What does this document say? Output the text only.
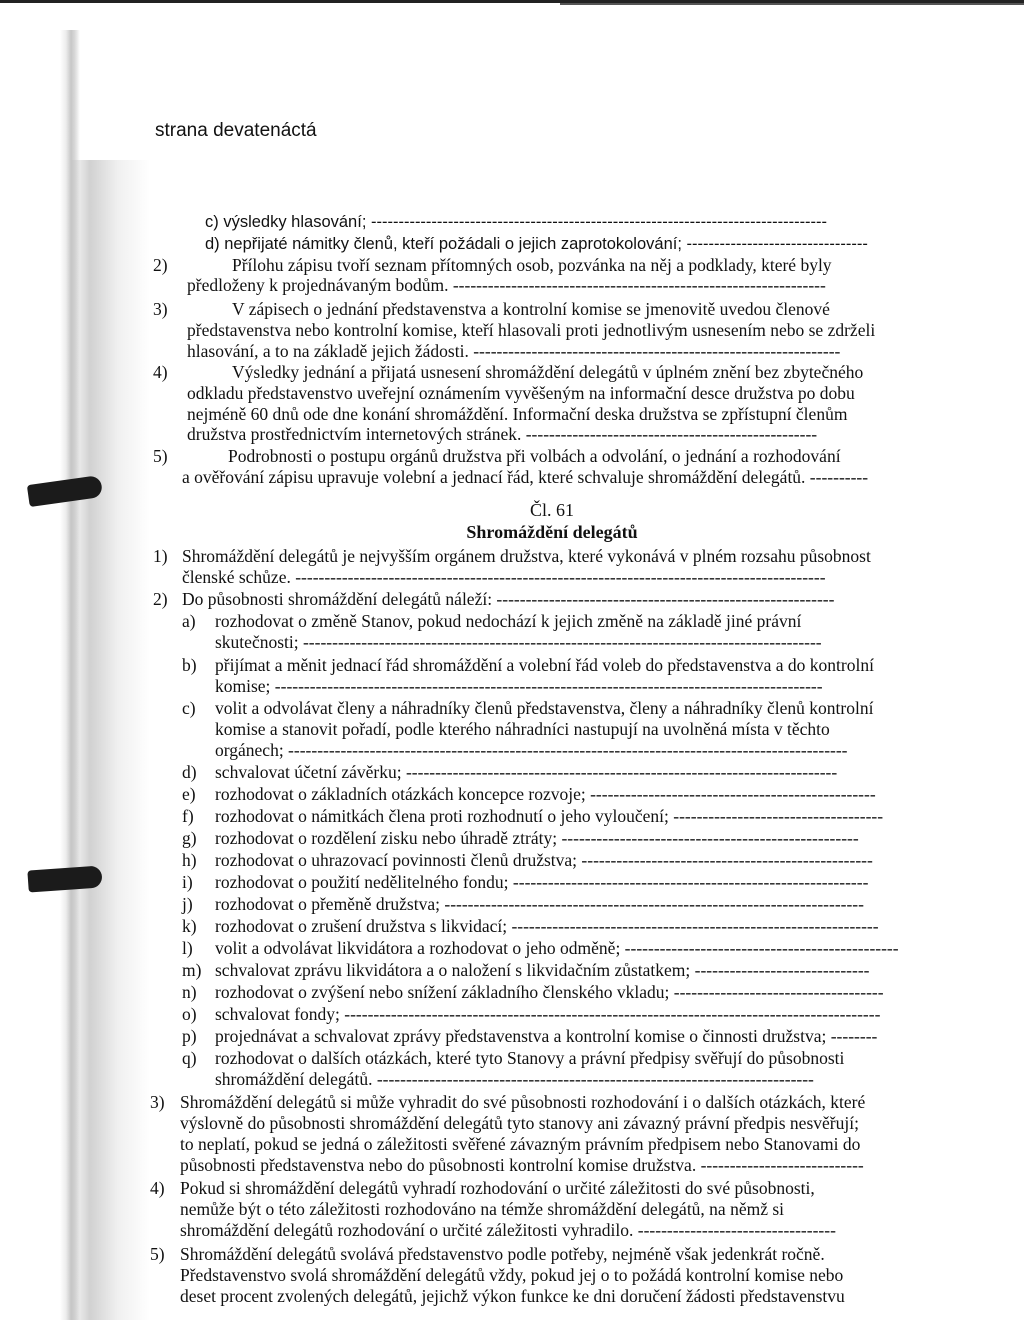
strana devatenáctá
c) výsledky hlasování; -----------------------------------------------------------------------------------
d) nepřijaté námitky členů, kteří požádali o jejich zaprotokolování; ---------------------------------
2)	Přílohu zápisu tvoří seznam přítomných osob, pozvánka na něj a podklady, které byly
předloženy k projednávaným bodům. ----------------------------------------------------------------
3)	V zápisech o jednání představenstva a kontrolní komise se jmenovitě uvedou členové
představenstva nebo kontrolní komise, kteří hlasovali proti jednotlivým usnesením nebo se zdrželi
hlasování, a to na základě jejich žádosti. ---------------------------------------------------------------
4)	Výsledky jednání a přijatá usnesení shromáždění delegátů v úplném znění bez zbytečného
odkladu představenstvo uveřejní oznámením vyvěšeným na informační desce družstva po dobu
nejméně 60 dnů ode dne konání shromáždění. Informační deska družstva se zpřístupní členům
družstva prostřednictvím internetových stránek. --------------------------------------------------
5)	Podrobnosti o postupu orgánů družstva při volbách a odvolání, o jednání a rozhodování
a ověřování zápisu upravuje volební a jednací řád, které schvaluje shromáždění delegátů. ----------
Čl. 61
Shromáždění delegátů
1) Shromáždění delegátů je nejvyšším orgánem družstva, které vykonává v plném rozsahu působnost
členské schůze. -------------------------------------------------------------------------------------------
2) Do působnosti shromáždění delegátů náleží: ----------------------------------------------------------
a) rozhodovat o změně Stanov, pokud nedochází k jejich změně na základě jiné právní
skutečnosti; -----------------------------------------------------------------------------------------
b) přijímat a měnit jednací řád shromáždění a volební řád voleb do představenstva a do kontrolní
komise; ----------------------------------------------------------------------------------------------
c) volit a odvolávat členy a náhradníky členů představenstva, členy a náhradníky členů kontrolní
komise a stanovit pořadí, podle kterého náhradníci nastupují na uvolněná místa v těchto
orgánech; ------------------------------------------------------------------------------------------------
d) schvalovat účetní závěrku; --------------------------------------------------------------------------
e) rozhodovat o základních otázkách koncepce rozvoje; -------------------------------------------------
f) rozhodovat o námitkách člena proti rozhodnutí o jeho vyloučení; ------------------------------------
g) rozhodovat o rozdělení zisku nebo úhradě ztráty; ---------------------------------------------------
h) rozhodovat o uhrazovací povinnosti členů družstva; --------------------------------------------------
i) rozhodovat o použití nedělitelného fondu; -------------------------------------------------------------
j) rozhodovat o přeměně družstva; ------------------------------------------------------------------------
k) rozhodovat o zrušení družstva s likvidací; ---------------------------------------------------------------
l) volit a odvolávat likvidátora a rozhodovat o jeho odměně; -----------------------------------------------
m) schvalovat zprávu likvidátora a o naložení s likvidačním zůstatkem; ------------------------------
n) rozhodovat o zvýšení nebo snížení základního členského vkladu; ------------------------------------
o) schvalovat fondy; --------------------------------------------------------------------------------------------
p) projednávat a schvalovat zprávy představenstva a kontrolní komise o činnosti družstva; --------
q) rozhodovat o dalších otázkách, které tyto Stanovy a právní předpisy svěřují do působnosti
shromáždění delegátů. ---------------------------------------------------------------------------
3) Shromáždění delegátů si může vyhradit do své působnosti rozhodování i o dalších otázkách, které
výslovně do působnosti shromáždění delegátů tyto stanovy ani závazný právní předpis nesvěřují;
to neplatí, pokud se jedná o záležitosti svěřené závazným právním předpisem nebo Stanovami do
působnosti představenstva nebo do působnosti kontrolní komise družstva. ----------------------------
4) Pokud si shromáždění delegátů vyhradí rozhodování o určité záležitosti do své působnosti,
nemůže být o této záležitosti rozhodováno na témže shromáždění delegátů, na němž si
shromáždění delegátů rozhodování o určité záležitosti vyhradilo. ----------------------------------
5) Shromáždění delegátů svolává představenstvo podle potřeby, nejméně však jedenkrát ročně.
Představenstvo svolá shromáždění delegátů vždy, pokud jej o to požádá kontrolní komise nebo
deset procent zvolených delegátů, jejichž výkon funkce ke dni doručení žádosti představenstvu
